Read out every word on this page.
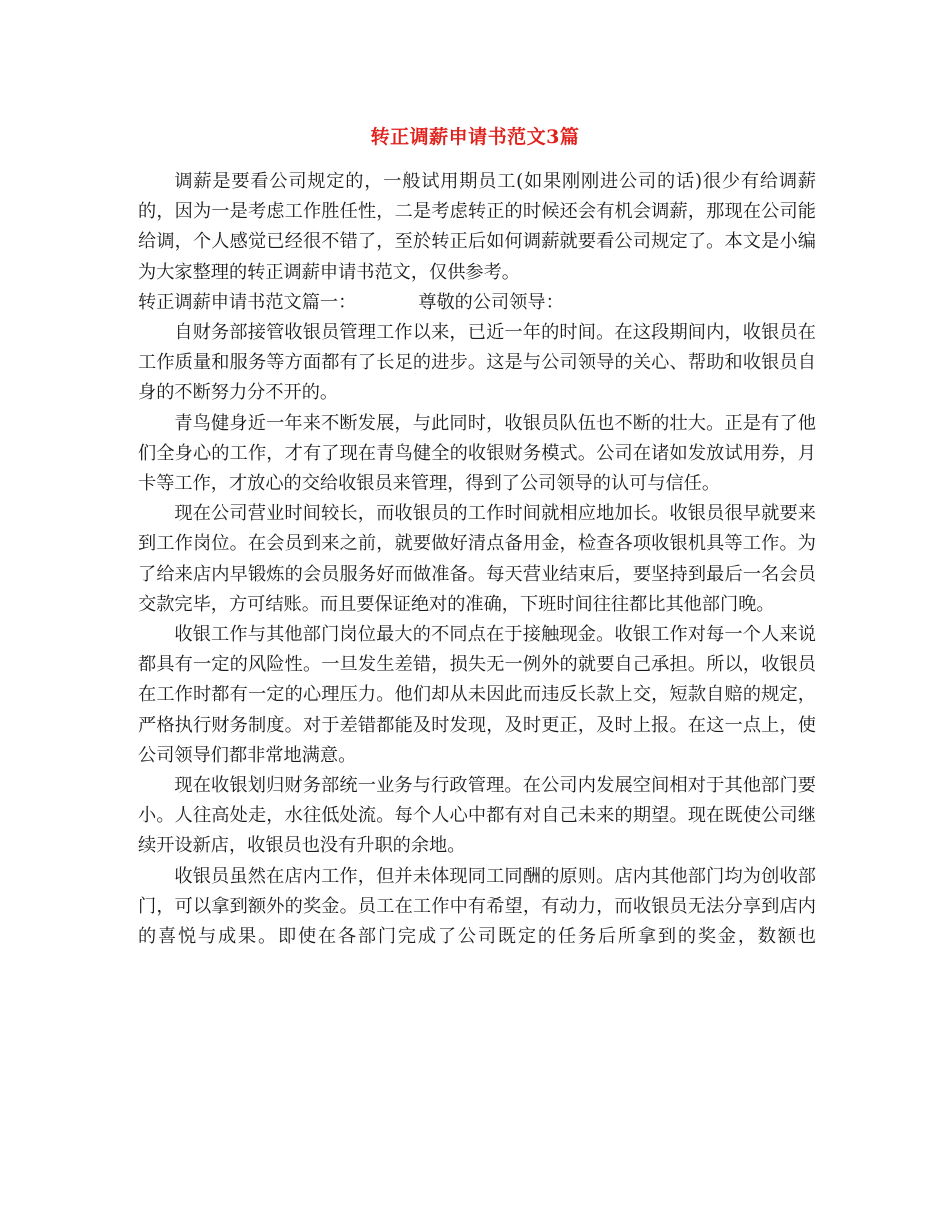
转正调薪申请书范文3篇

调薪是要看公司规定的，一般试用期员工(如果刚刚进公司的话)很少有给调薪的，因为一是考虑工作胜任性，二是考虑转正的时候还会有机会调薪，那现在公司能给调，个人感觉已经很不错了，至於转正后如何调薪就要看公司规定了。本文是小编为大家整理的转正调薪申请书范文，仅供参考。

转正调薪申请书范文篇一：	尊敬的公司领导：

自财务部接管收银员管理工作以来，已近一年的时间。在这段期间内，收银员在工作质量和服务等方面都有了长足的进步。这是与公司领导的关心、帮助和收银员自身的不断努力分不开的。

青鸟健身近一年来不断发展，与此同时，收银员队伍也不断的壮大。正是有了他们全身心的工作，才有了现在青鸟健全的收银财务模式。公司在诸如发放试用券，月卡等工作，才放心的交给收银员来管理，得到了公司领导的认可与信任。

现在公司营业时间较长，而收银员的工作时间就相应地加长。收银员很早就要来到工作岗位。在会员到来之前，就要做好清点备用金，检查各项收银机具等工作。为了给来店内早锻炼的会员服务好而做准备。每天营业结束后，要坚持到最后一名会员交款完毕，方可结账。而且要保证绝对的准确，下班时间往往都比其他部门晚。

收银工作与其他部门岗位最大的不同点在于接触现金。收银工作对每一个人来说都具有一定的风险性。一旦发生差错，损失无一例外的就要自己承担。所以，收银员在工作时都有一定的心理压力。他们却从未因此而违反长款上交，短款自赔的规定，严格执行财务制度。对于差错都能及时发现，及时更正，及时上报。在这一点上，使公司领导们都非常地满意。

现在收银划归财务部统一业务与行政管理。在公司内发展空间相对于其他部门要小。人往高处走，水往低处流。每个人心中都有对自己未来的期望。现在既使公司继续开设新店，收银员也没有升职的余地。

收银员虽然在店内工作，但并未体现同工同酬的原则。店内其他部门均为创收部门，可以拿到额外的奖金。员工在工作中有希望，有动力，而收银员无法分享到店内的喜悦与成果。即使在各部门完成了公司既定的任务后所拿到的奖金，数额也
